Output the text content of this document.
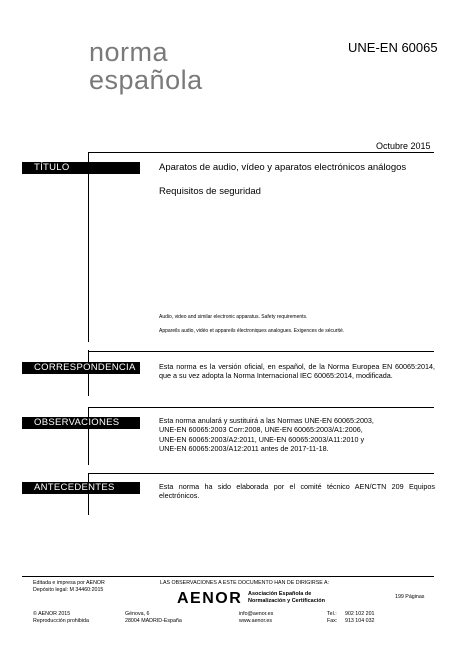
norma
española
UNE-EN 60065
Octubre 2015
TÍTULO	Aparatos de audio, vídeo y aparatos electrónicos análogos
Requisitos de seguridad
Audio, video and similar electronic apparatus. Safety requirements.
Appareils audio, vidéo et appareils électroniques analogues. Exigences de sécurité.
CORRESPONDENCIA	Esta norma es la versión oficial, en español, de la Norma Europea EN 60065:2014, que a su vez adopta la Norma Internacional IEC 60065:2014, modificada.
OBSERVACIONES	Esta norma anulará y sustituirá a las Normas UNE-EN 60065:2003,
UNE-EN 60065:2003 Corr:2008, UNE-EN 60065:2003/A1:2006,
UNE-EN 60065:2003/A2:2011, UNE-EN 60065:2003/A11:2010 y
UNE-EN 60065:2003/A12:2011 antes de 2017-11-18.
ANTECEDENTES	Esta norma ha sido elaborada por el comité técnico AEN/CTN 209 Equipos electrónicos.
Editada e impresa por AENOR
Depósito legal: M 34460:2015
© AENOR 2015
Reproducción prohibida
LAS OBSERVACIONES A ESTE DOCUMENTO HAN DE DIRIGIRSE A:
AENOR Asociación Española de
Normalización y Certificación
199 Páginas
Génova, 6
28004 MADRID-España
info@aenor.es
www.aenor.es
Tel.: 902 102 201
Fax: 913 104 032
